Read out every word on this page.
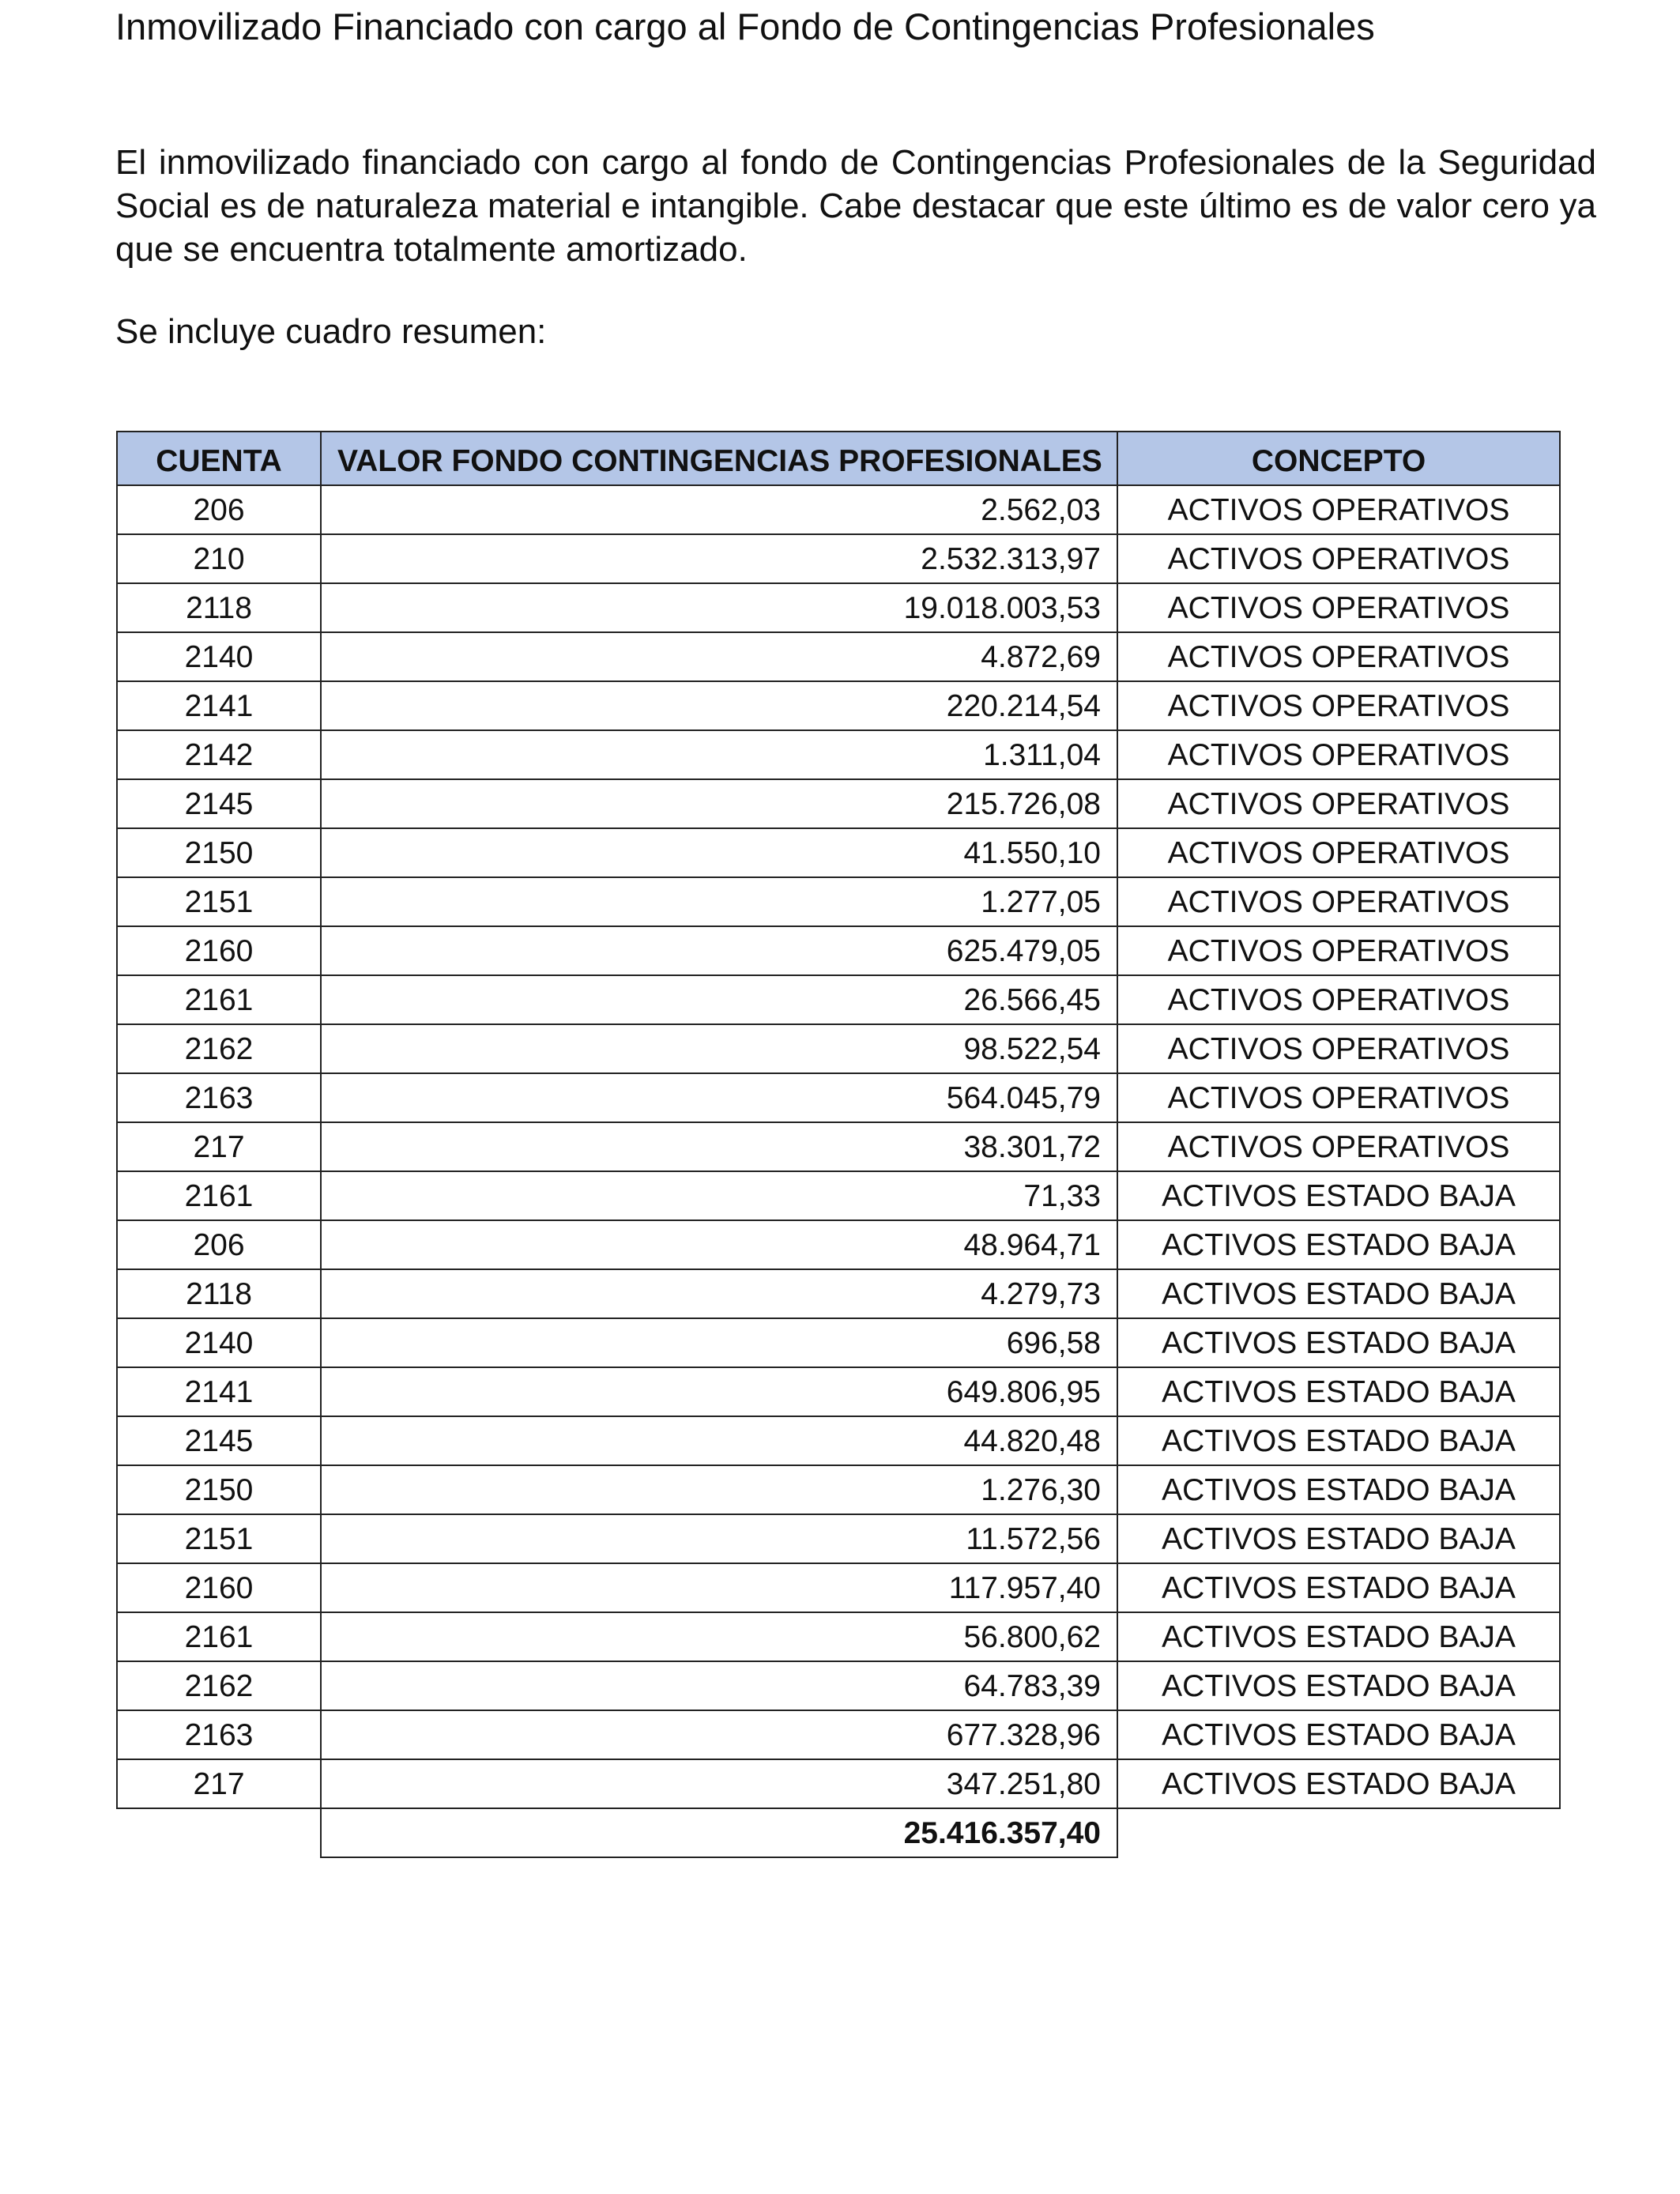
Inmovilizado Financiado con cargo al Fondo de Contingencias Profesionales

El inmovilizado financiado con cargo al fondo de Contingencias Profesionales de la Seguridad Social es de naturaleza material e intangible. Cabe destacar que este último es de valor cero ya que se encuentra totalmente amortizado.

Se incluye cuadro resumen:

CUENTA	VALOR FONDO CONTINGENCIAS PROFESIONALES	CONCEPTO
206	2.562,03	ACTIVOS OPERATIVOS
210	2.532.313,97	ACTIVOS OPERATIVOS
2118	19.018.003,53	ACTIVOS OPERATIVOS
2140	4.872,69	ACTIVOS OPERATIVOS
2141	220.214,54	ACTIVOS OPERATIVOS
2142	1.311,04	ACTIVOS OPERATIVOS
2145	215.726,08	ACTIVOS OPERATIVOS
2150	41.550,10	ACTIVOS OPERATIVOS
2151	1.277,05	ACTIVOS OPERATIVOS
2160	625.479,05	ACTIVOS OPERATIVOS
2161	26.566,45	ACTIVOS OPERATIVOS
2162	98.522,54	ACTIVOS OPERATIVOS
2163	564.045,79	ACTIVOS OPERATIVOS
217	38.301,72	ACTIVOS OPERATIVOS
2161	71,33	ACTIVOS ESTADO BAJA
206	48.964,71	ACTIVOS ESTADO BAJA
2118	4.279,73	ACTIVOS ESTADO BAJA
2140	696,58	ACTIVOS ESTADO BAJA
2141	649.806,95	ACTIVOS ESTADO BAJA
2145	44.820,48	ACTIVOS ESTADO BAJA
2150	1.276,30	ACTIVOS ESTADO BAJA
2151	11.572,56	ACTIVOS ESTADO BAJA
2160	117.957,40	ACTIVOS ESTADO BAJA
2161	56.800,62	ACTIVOS ESTADO BAJA
2162	64.783,39	ACTIVOS ESTADO BAJA
2163	677.328,96	ACTIVOS ESTADO BAJA
217	347.251,80	ACTIVOS ESTADO BAJA
	25.416.357,40	
